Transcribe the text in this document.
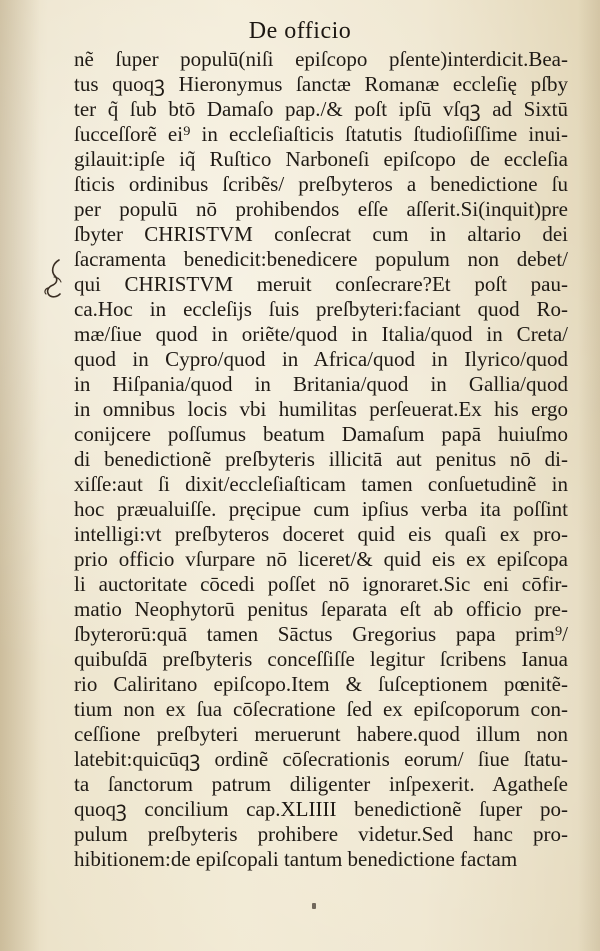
De officio
nẽ ſuper populū(niſi epiſcopo pſente)interdicit.Bea-
tus quoqꝫ Hieronymus ſanctæ Romanæ eccleſię pſby
ter q̃ ſub btō Damaſo pap./& poſt ipſū vſqꝫ ad Sixtū
ſucceſſorẽ ei⁹ in eccleſiaſticis ſtatutis ſtudioſiſſime inui-
gilauit:ipſe iq̃ Ruſtico Narboneſi epiſcopo de eccleſia
ſticis ordinibus ſcribẽs/ preſbyteros a benedictione ſu
per populū nō prohibendos eſſe aſſerit.Si(inquit)pre
ſbyter CHRISTVM conſecrat cum in altario dei
ſacramenta benedicit:benedicere populum non debet/
qui CHRISTVM meruit conſecrare?Et poſt pau-
ca.Hoc in eccleſijs ſuis preſbyteri:faciant quod Ro-
mæ/ſiue quod in oriẽte/quod in Italia/quod in Creta/
quod in Cypro/quod in Africa/quod in Ilyrico/quod
in Hiſpania/quod in Britania/quod in Gallia/quod
in omnibus locis vbi humilitas perſeuerat.Ex his ergo
conijcere poſſumus beatum Damaſum papā huiuſmo
di benedictionẽ preſbyteris illicitā aut penitus nō di-
xiſſe:aut ſi dixit/eccleſiaſticam tamen conſuetudinẽ in
hoc præualuiſſe. pręcipue cum ipſius verba ita poſſint
intelligi:vt preſbyteros doceret quid eis quaſi ex pro-
prio officio vſurpare nō liceret/& quid eis ex epiſcopa
li auctoritate cōcedi poſſet nō ignoraret.Sic eni cōfir-
matio Neophytorū penitus ſeparata eſt ab officio pre-
ſbyterorū:quā tamen Sāctus Gregorius papa prim⁹/
quibuſdā preſbyteris conceſſiſſe legitur ſcribens Ianua
rio Caliritano epiſcopo.Item & ſuſceptionem pœnitẽ-
tium non ex ſua cōſecratione ſed ex epiſcoporum con-
ceſſione preſbyteri meruerunt habere.quod illum non
latebit:quicūqꝫ ordinẽ cōſecrationis eorum/ ſiue ſtatu-
ta ſanctorum patrum diligenter inſpexerit. Agatheſe
quoqꝫ concilium cap.XLIIII benedictionẽ ſuper po-
pulum preſbyteris prohibere videtur.Sed hanc pro-
hibitionem:de epiſcopali tantum benedictione factam
